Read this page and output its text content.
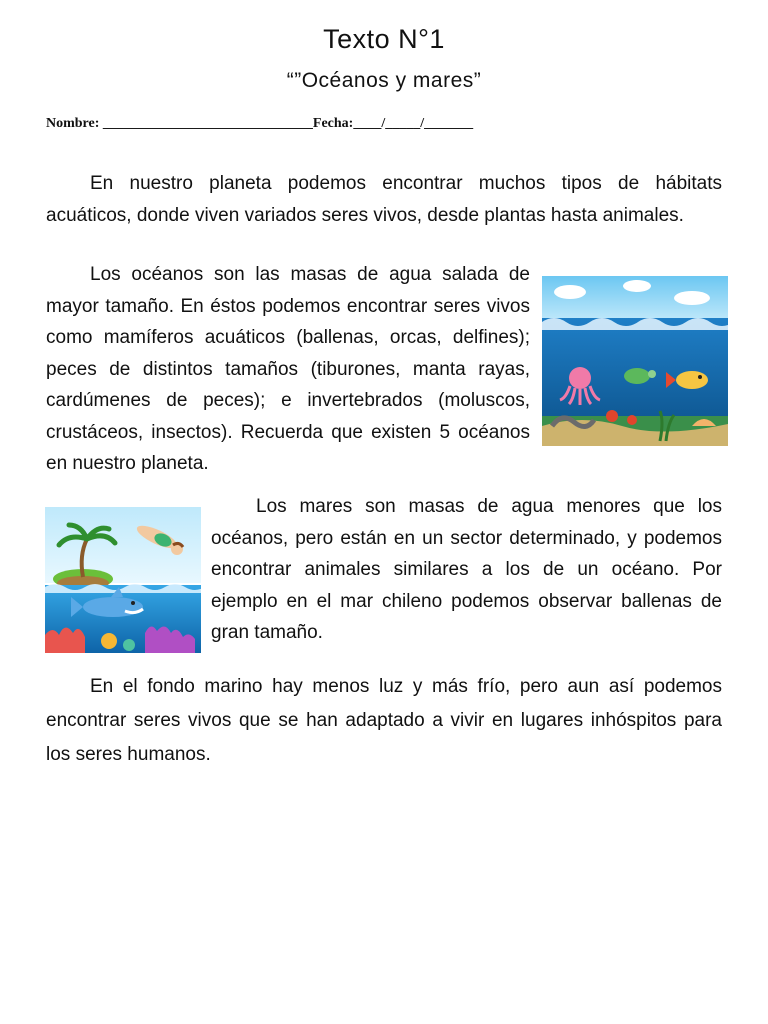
Texto N°1
“”Océanos y mares”
Nombre: ______________________________Fecha:____/_____/_______

En nuestro planeta podemos encontrar muchos tipos de hábitats acuáticos, donde viven variados seres vivos, desde plantas hasta animales.

Los océanos son las masas de agua salada de mayor tamaño. En éstos podemos encontrar seres vivos como mamíferos acuáticos (ballenas, orcas, delfines); peces de distintos tamaños (tiburones, manta rayas, cardúmenes de peces); e invertebrados (moluscos, crustáceos, insectos). Recuerda que existen 5 océanos en nuestro planeta.

Los mares son masas de agua menores que los océanos, pero están en un sector determinado, y podemos encontrar animales similares a los de un océano. Por ejemplo en el mar chileno podemos observar ballenas de gran tamaño.

En el fondo marino hay menos luz y más frío, pero aun así podemos encontrar seres vivos que se han adaptado a vivir en lugares inhóspitos para los seres humanos.
